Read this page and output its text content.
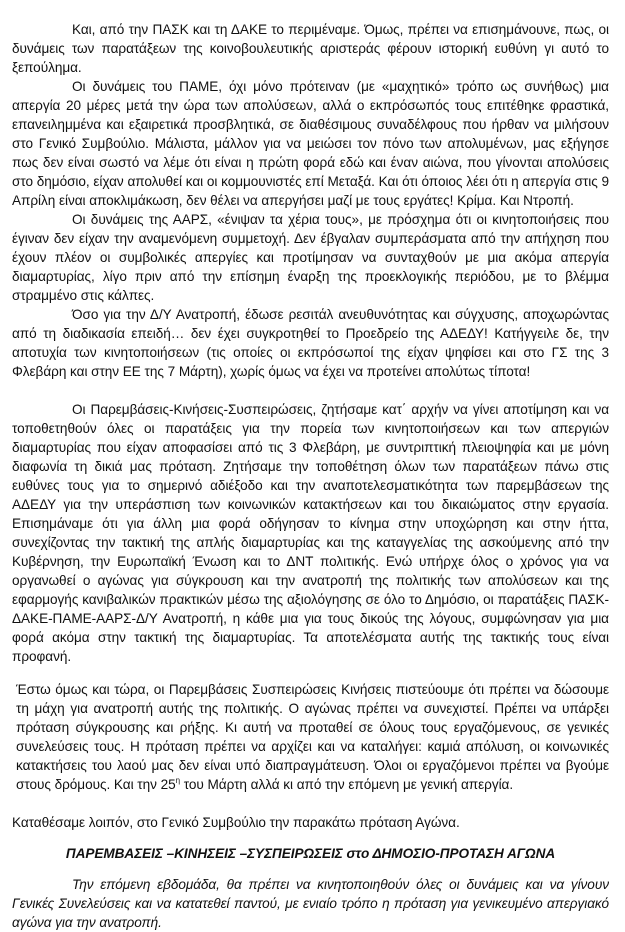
Και, από την ΠΑΣΚ και τη ΔΑΚΕ το περιμέναμε. Όμως, πρέπει να επισημάνουνε, πως, οι δυνάμεις των παρατάξεων της κοινοβουλευτικής αριστεράς φέρουν ιστορική ευθύνη γι αυτό το ξεπούλημα.

Οι δυνάμεις του ΠΑΜΕ, όχι μόνο πρότειναν (με «μαχητικό» τρόπο ως συνήθως) μια απεργία 20 μέρες μετά την ώρα των απολύσεων, αλλά ο εκπρόσωπός τους επιτέθηκε φραστικά, επανειλημμένα και εξαιρετικά προσβλητικά, σε διαθέσιμους συναδέλφους που ήρθαν να μιλήσουν στο Γενικό Συμβούλιο. Μάλιστα, μάλλον για να μειώσει τον πόνο των απολυμένων, μας εξήγησε πως δεν είναι σωστό να λέμε ότι είναι η πρώτη φορά εδώ και έναν αιώνα, που γίνονται απολύσεις στο δημόσιο, είχαν απολυθεί και οι κομμουνιστές επί Μεταξά. Και ότι όποιος λέει ότι η απεργία στις 9 Απρίλη είναι αποκλιμάκωση, δεν θέλει να απεργήσει μαζί με τους εργάτες! Κρίμα. Και Ντροπή.

Οι δυνάμεις της ΑΑΡΣ, «ένιψαν τα χέρια τους», με πρόσχημα ότι οι κινητοποιήσεις που έγιναν δεν είχαν την αναμενόμενη συμμετοχή. Δεν έβγαλαν συμπεράσματα από την απήχηση που έχουν πλέον οι συμβολικές απεργίες και προτίμησαν να συνταχθούν με μια ακόμα απεργία διαμαρτυρίας, λίγο πριν από την επίσημη έναρξη της προεκλογικής περιόδου, με το βλέμμα στραμμένο στις κάλπες.

Όσο για την Δ/Υ Ανατροπή, έδωσε ρεσιτάλ ανευθυνότητας και σύγχυσης, αποχωρώντας από τη διαδικασία επειδή… δεν έχει συγκροτηθεί το Προεδρείο της ΑΔΕΔΥ! Κατήγγειλε δε, την αποτυχία των κινητοποιήσεων (τις οποίες οι εκπρόσωποί της είχαν ψηφίσει και στο ΓΣ της 3 Φλεβάρη και στην ΕΕ της 7 Μάρτη), χωρίς όμως να έχει να προτείνει απολύτως τίποτα!

Οι Παρεμβάσεις-Κινήσεις-Συσπειρώσεις, ζητήσαμε κατ΄ αρχήν να γίνει αποτίμηση και να τοποθετηθούν όλες οι παρατάξεις για την πορεία των κινητοποιήσεων και των απεργιών διαμαρτυρίας που είχαν αποφασίσει από τις 3 Φλεβάρη, με συντριπτική πλειοψηφία και με μόνη διαφωνία τη δικιά μας πρόταση. Ζητήσαμε την τοποθέτηση όλων των παρατάξεων πάνω στις ευθύνες τους για το σημερινό αδιέξοδο και την αναποτελεσματικότητα των παρεμβάσεων της ΑΔΕΔΥ για την υπεράσπιση των κοινωνικών κατακτήσεων και του δικαιώματος στην εργασία. Επισημάναμε ότι για άλλη μια φορά οδήγησαν το κίνημα στην υποχώρηση και στην ήττα, συνεχίζοντας την τακτική της απλής διαμαρτυρίας και της καταγγελίας της ασκούμενης από την Κυβέρνηση, την Ευρωπαϊκή Ένωση και το ΔΝΤ πολιτικής. Ενώ υπήρχε όλος ο χρόνος για να οργανωθεί ο αγώνας για σύγκρουση και την ανατροπή της πολιτικής των απολύσεων και της εφαρμογής κανιβαλικών πρακτικών μέσω της αξιολόγησης σε όλο το Δημόσιο, οι παρατάξεις ΠΑΣΚ-ΔΑΚΕ-ΠΑΜΕ-ΑΑΡΣ-Δ/Υ Ανατροπή, η κάθε μια για τους δικούς της λόγους, συμφώνησαν για μια φορά ακόμα στην τακτική της διαμαρτυρίας. Τα αποτελέσματα αυτής της τακτικής τους είναι προφανή.

Έστω όμως και τώρα, οι Παρεμβάσεις Συσπειρώσεις Κινήσεις πιστεύουμε ότι πρέπει να δώσουμε τη μάχη για ανατροπή αυτής της πολιτικής. Ο αγώνας πρέπει να συνεχιστεί. Πρέπει να υπάρξει πρόταση σύγκρουσης και ρήξης. Κι αυτή να προταθεί σε όλους τους εργαζόμενους, σε γενικές συνελεύσεις τους. Η πρόταση πρέπει να αρχίζει και να καταλήγει: καμιά απόλυση, οι κοινωνικές κατακτήσεις του λαού μας δεν είναι υπό διαπραγμάτευση. Όλοι οι εργαζόμενοι πρέπει να βγούμε στους δρόμους. Και την $25^\eta$ του Μάρτη αλλά κι από την επόμενη με γενική απεργία.

Καταθέσαμε λοιπόν, στο Γενικό Συμβούλιο την παρακάτω πρόταση Αγώνα.

ΠΑΡΕΜΒΑΣΕΙΣ –ΚΙΝΗΣΕΙΣ –ΣΥΣΠΕΙΡΩΣΕΙΣ στο ΔΗΜΟΣΙΟ-ΠΡΟΤΑΣΗ ΑΓΩΝΑ

Την επόμενη εβδομάδα, θα πρέπει να κινητοποιηθούν όλες οι δυνάμεις και να γίνουν Γενικές Συνελεύσεις και να κατατεθεί παντού, με ενιαίο τρόπο η πρόταση για γενικευμένο απεργιακό αγώνα για την ανατροπή.
